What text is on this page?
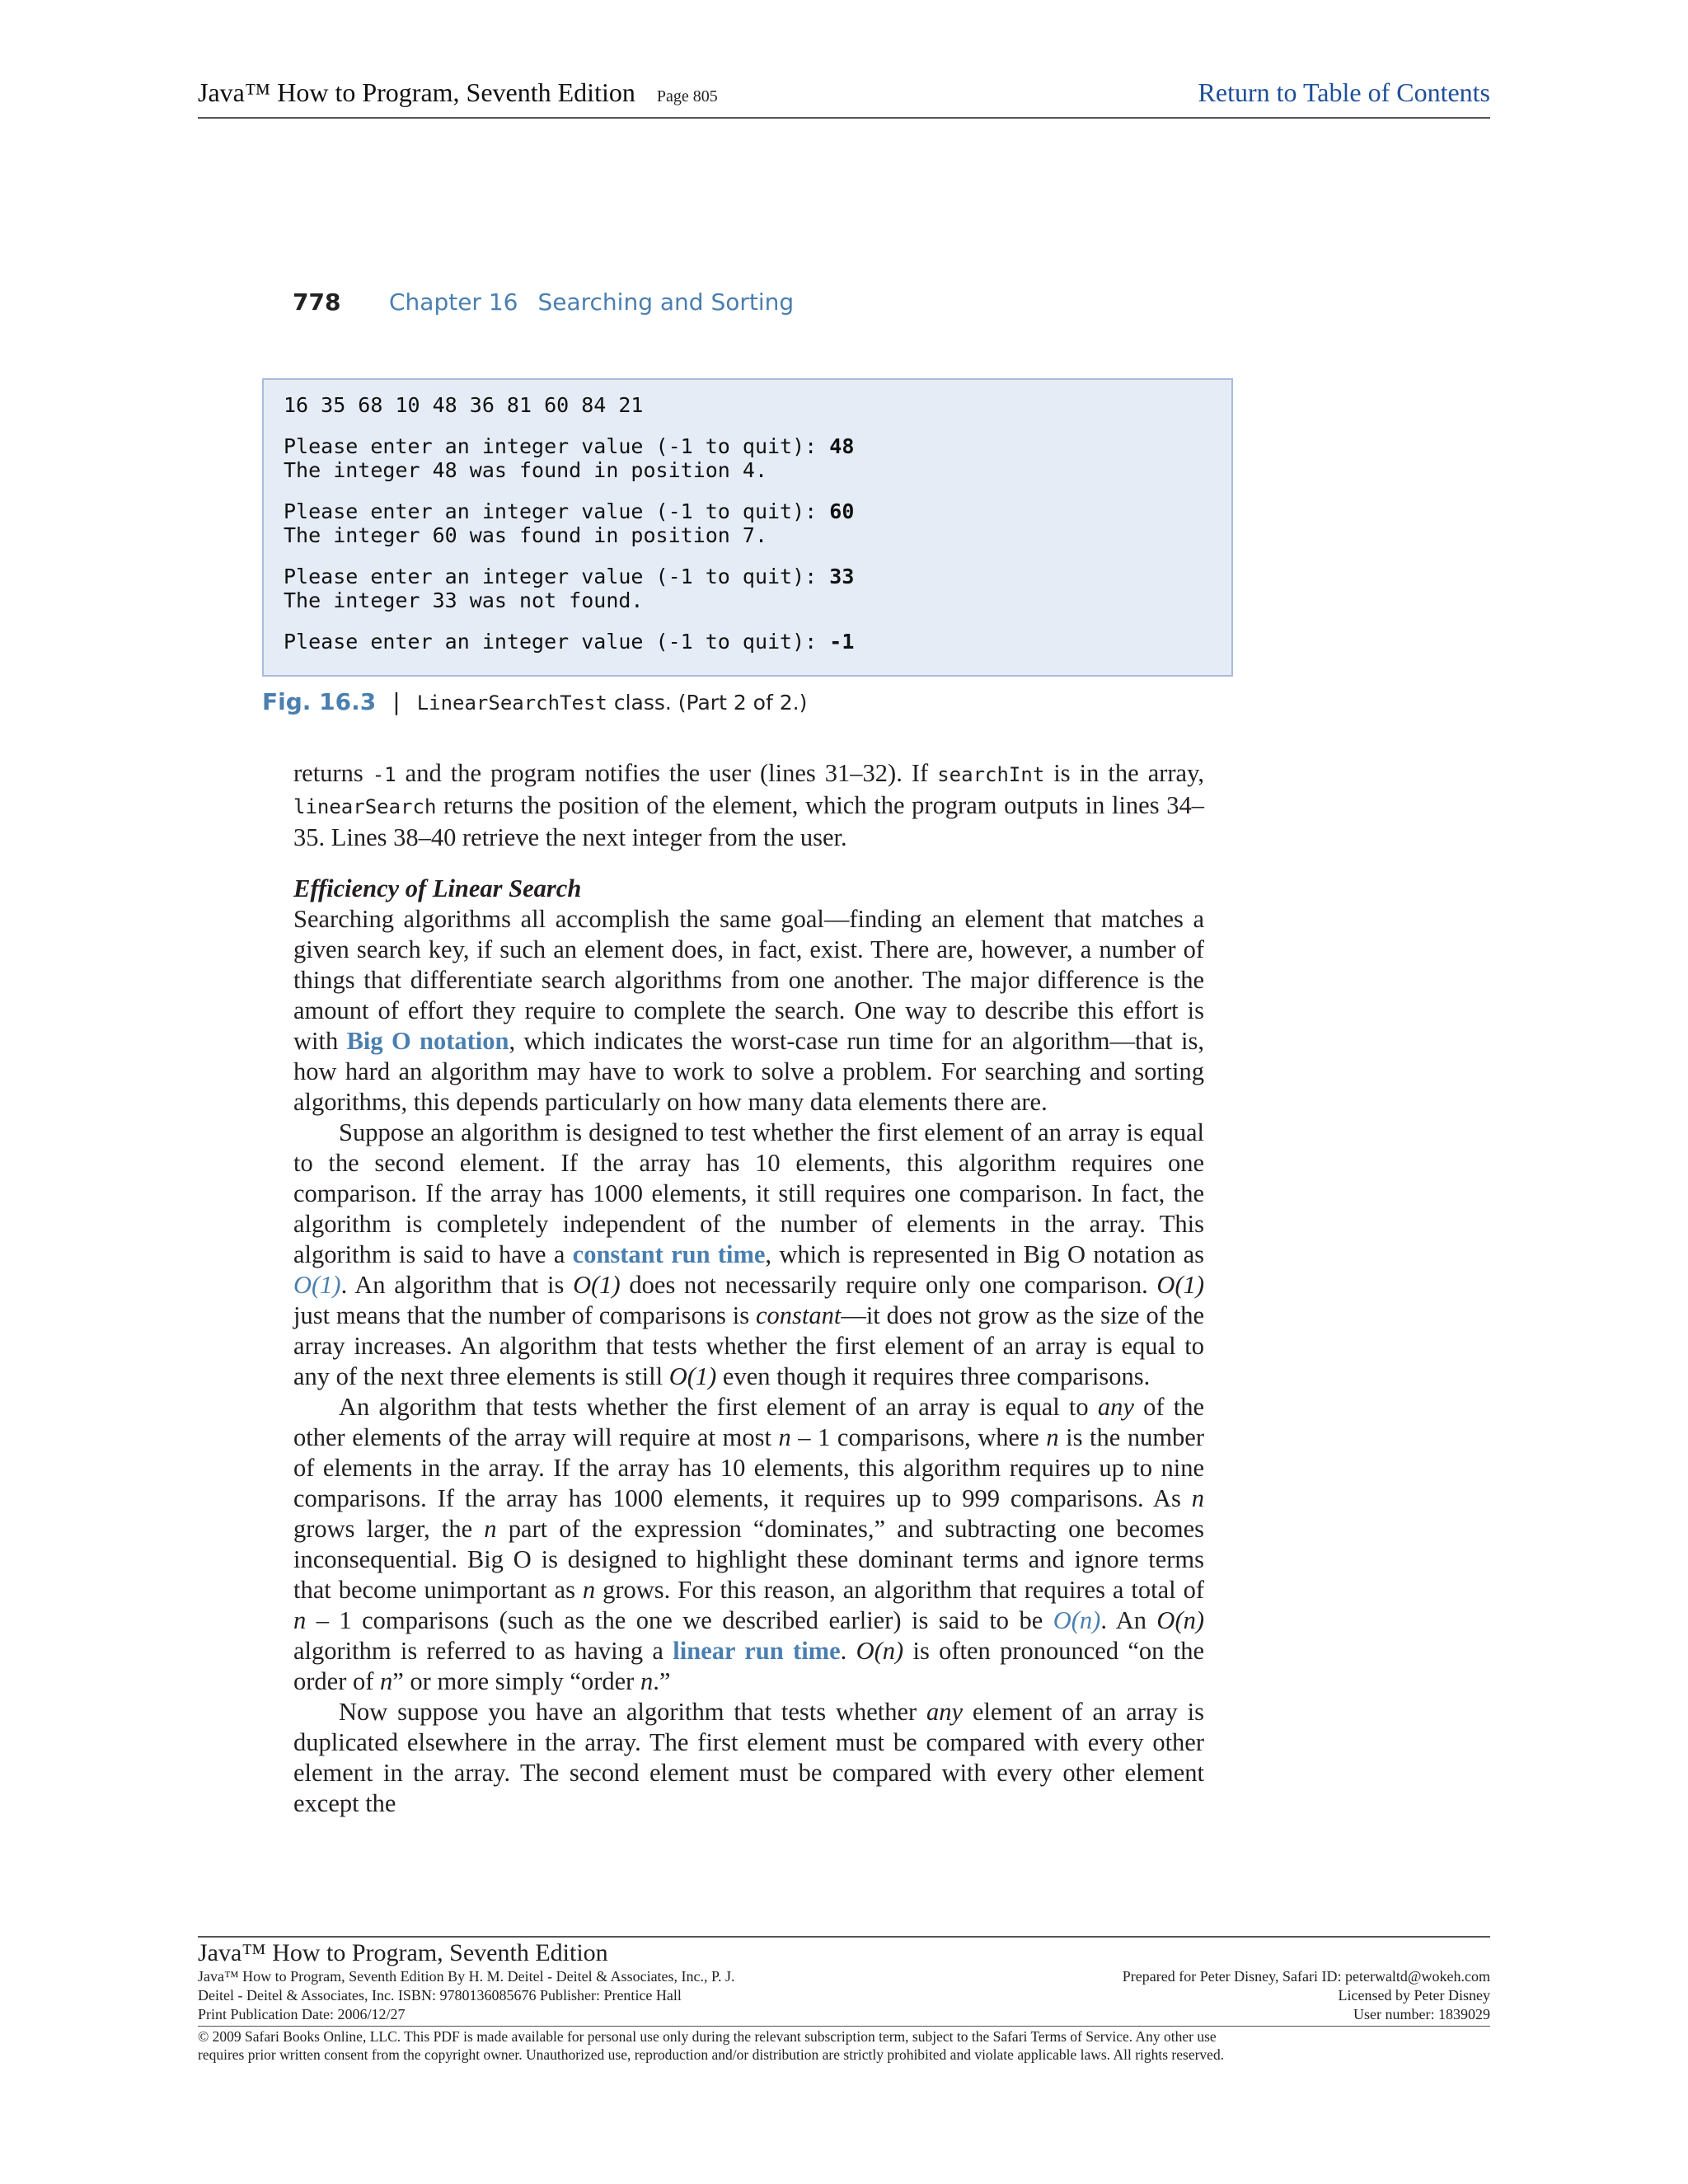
Java™ How to Program, Seventh Edition Page 805	Return to Table of Contents
778 Chapter 16 Searching and Sorting
16 35 68 10 48 36 81 60 84 21
Please enter an integer value (-1 to quit): 48
The integer 48 was found in position 4.
Please enter an integer value (-1 to quit): 60
The integer 60 was found in position 7.
Please enter an integer value (-1 to quit): 33
The integer 33 was not found.
Please enter an integer value (-1 to quit): -1
Fig. 16.3 | LinearSearchTest class. (Part 2 of 2.)

returns -1 and the program notifies the user (lines 31–32). If searchInt is in the array, linearSearch returns the position of the element, which the program outputs in lines 34–35. Lines 38–40 retrieve the next integer from the user.

Efficiency of Linear Search

Searching algorithms all accomplish the same goal—finding an element that matches a given search key, if such an element does, in fact, exist. There are, however, a number of things that differentiate search algorithms from one another. The major difference is the amount of effort they require to complete the search. One way to describe this effort is with Big O notation, which indicates the worst-case run time for an algorithm—that is, how hard an algorithm may have to work to solve a problem. For searching and sorting algorithms, this depends particularly on how many data elements there are.

Suppose an algorithm is designed to test whether the first element of an array is equal to the second element. If the array has 10 elements, this algorithm requires one comparison. If the array has 1000 elements, it still requires one comparison. In fact, the algorithm is completely independent of the number of elements in the array. This algorithm is said to have a constant run time, which is represented in Big O notation as O(1). An algorithm that is O(1) does not necessarily require only one comparison. O(1) just means that the number of comparisons is constant—it does not grow as the size of the array increases. An algorithm that tests whether the first element of an array is equal to any of the next three elements is still O(1) even though it requires three comparisons.

An algorithm that tests whether the first element of an array is equal to any of the other elements of the array will require at most n – 1 comparisons, where n is the number of elements in the array. If the array has 10 elements, this algorithm requires up to nine comparisons. If the array has 1000 elements, it requires up to 999 comparisons. As n grows larger, the n part of the expression “dominates,” and subtracting one becomes inconsequential. Big O is designed to highlight these dominant terms and ignore terms that become unimportant as n grows. For this reason, an algorithm that requires a total of n – 1 comparisons (such as the one we described earlier) is said to be O(n). An O(n) algorithm is referred to as having a linear run time. O(n) is often pronounced “on the order of n” or more simply “order n.”

Now suppose you have an algorithm that tests whether any element of an array is duplicated elsewhere in the array. The first element must be compared with every other element in the array. The second element must be compared with every other element except the

Java™ How to Program, Seventh Edition
Java™ How to Program, Seventh Edition By H. M. Deitel - Deitel & Associates, Inc., P. J.	Prepared for Peter Disney, Safari ID: peterwaltd@wokeh.com
Deitel - Deitel & Associates, Inc. ISBN: 9780136085676 Publisher: Prentice Hall	Licensed by Peter Disney
Print Publication Date: 2006/12/27	User number: 1839029
© 2009 Safari Books Online, LLC. This PDF is made available for personal use only during the relevant subscription term, subject to the Safari Terms of Service. Any other use
requires prior written consent from the copyright owner. Unauthorized use, reproduction and/or distribution are strictly prohibited and violate applicable laws. All rights reserved.
